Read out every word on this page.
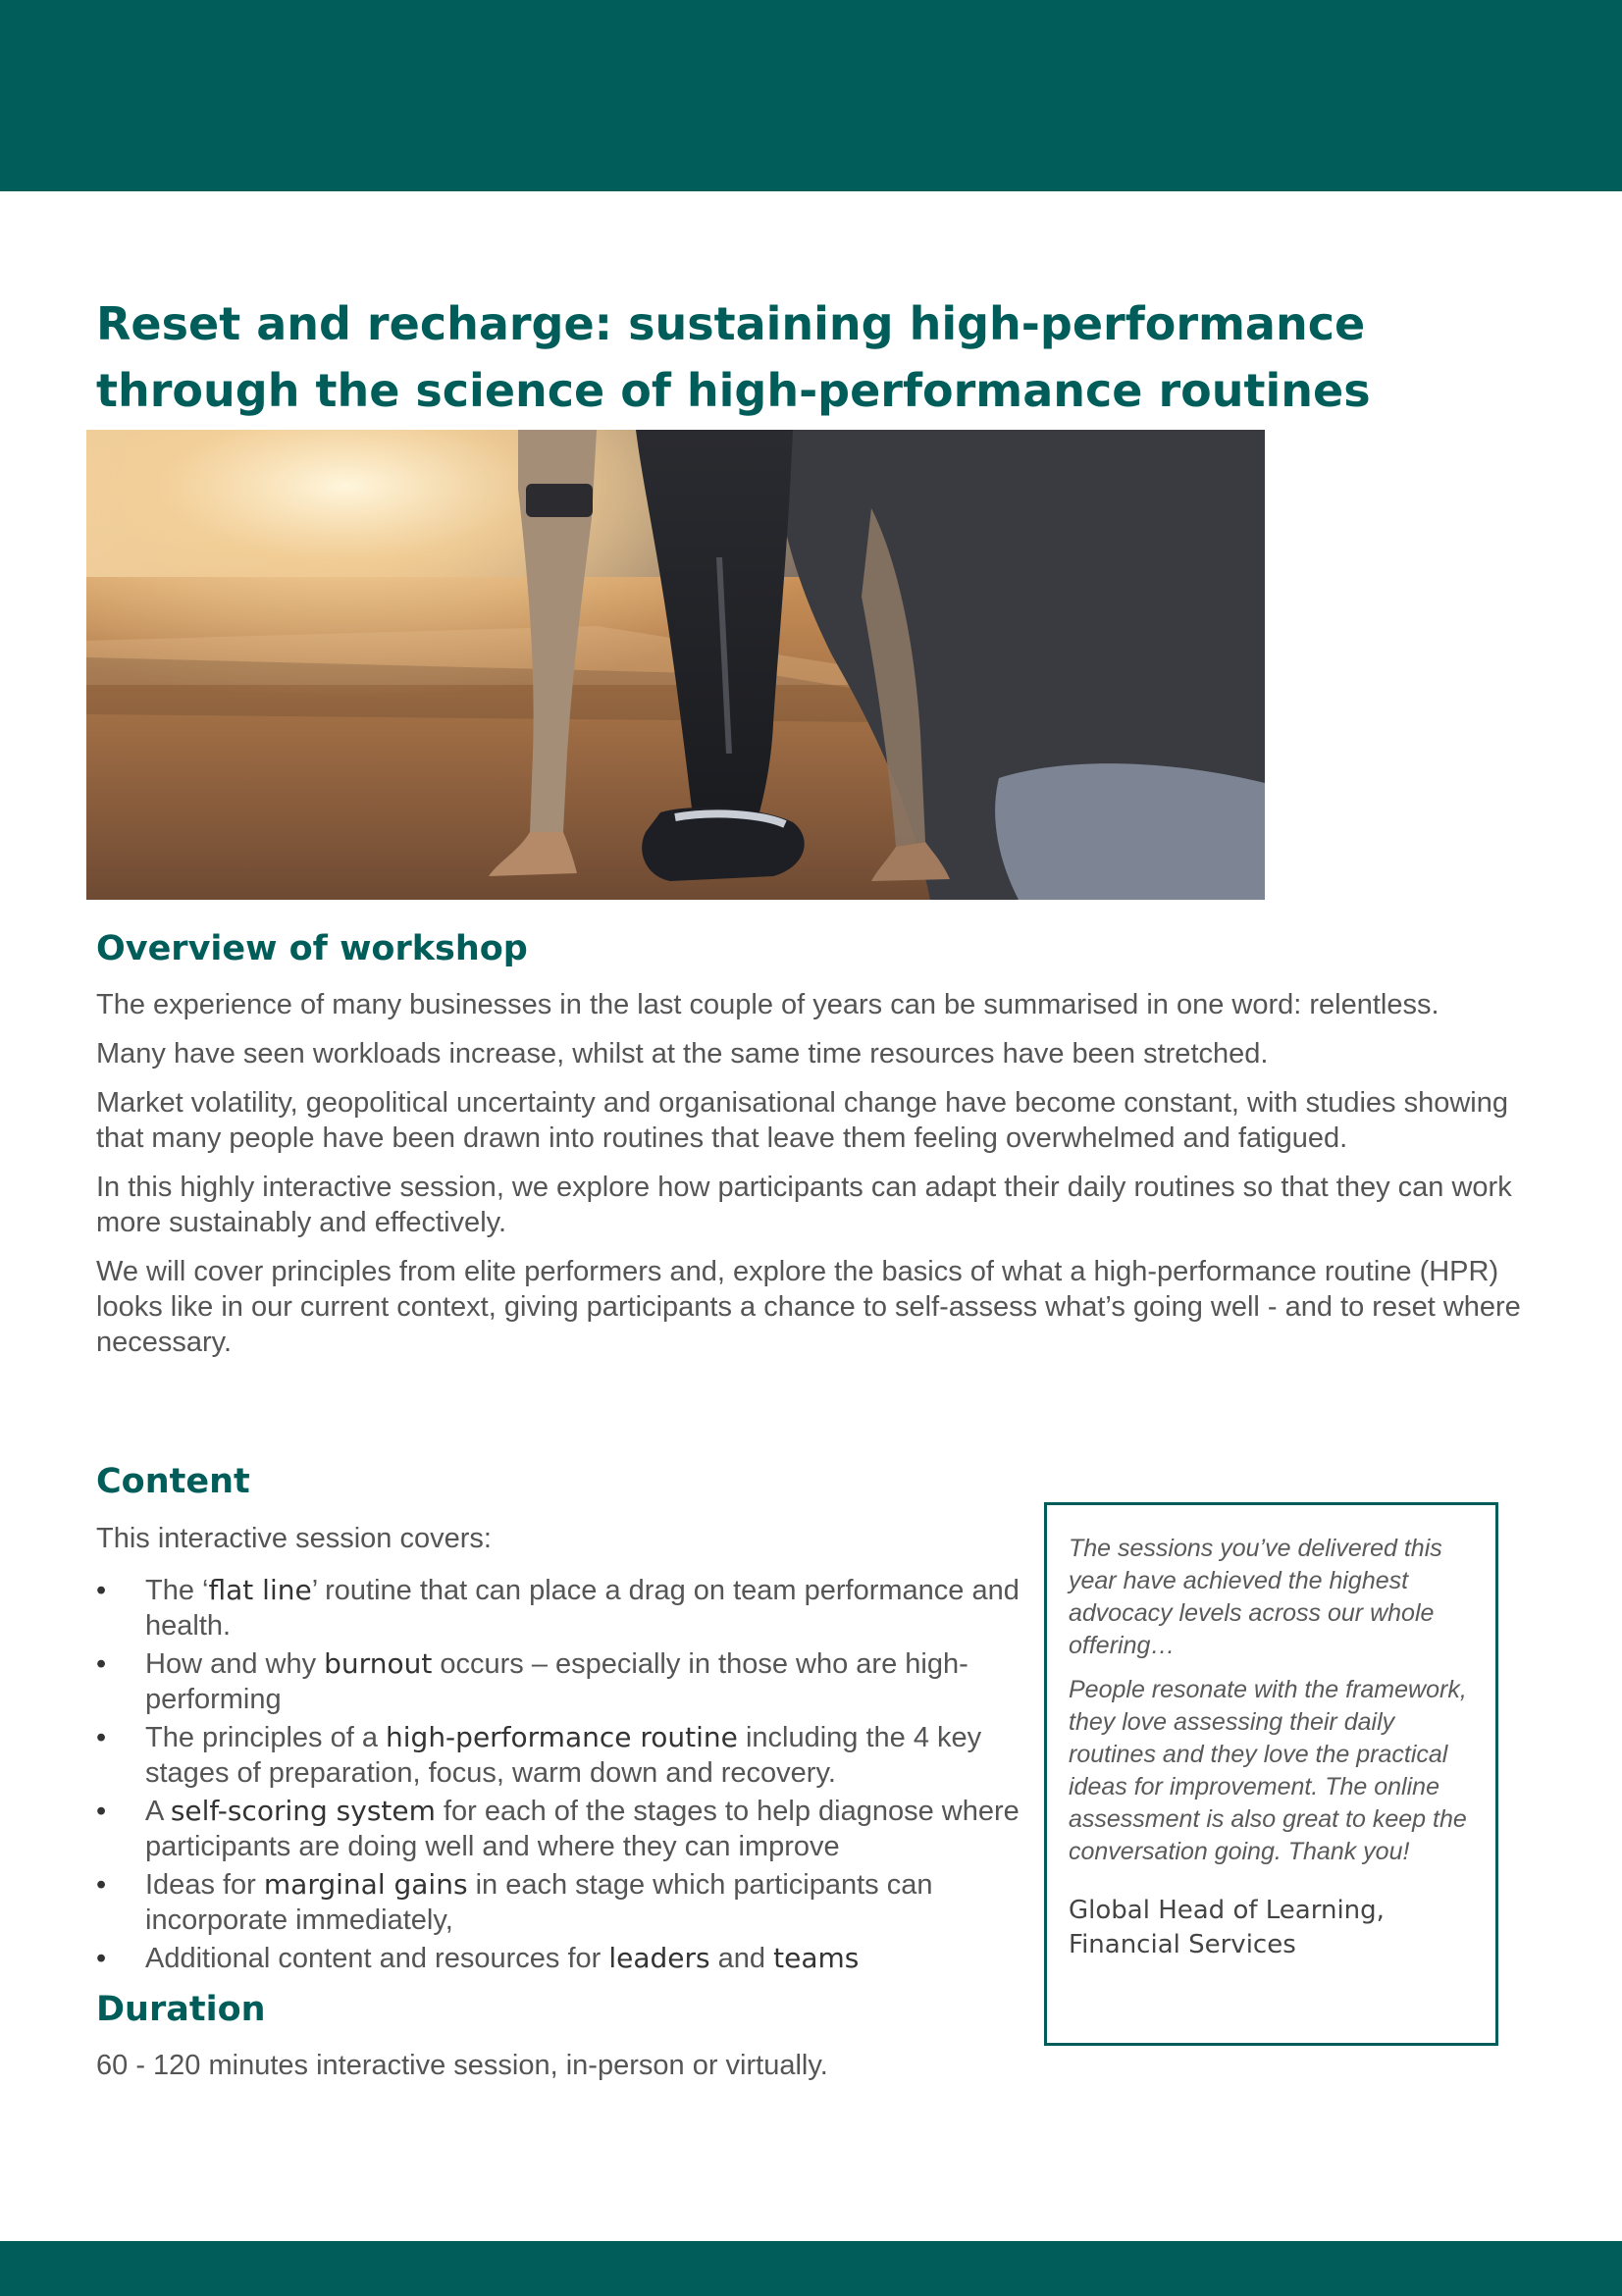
Reset and recharge: sustaining high-performance
through the science of high-performance routines
Overview of workshop

The experience of many businesses in the last couple of years can be summarised in one word: relentless.

Many have seen workloads increase, whilst at the same time resources have been stretched.

Market volatility, geopolitical uncertainty and organisational change have become constant, with studies showing that many people have been drawn into routines that leave them feeling overwhelmed and fatigued.

In this highly interactive session, we explore how participants can adapt their daily routines so that they can work more sustainably and effectively.

We will cover principles from elite performers and, explore the basics of what a high-performance routine (HPR) looks like in our current context, giving participants a chance to self-assess what’s going well - and to reset where necessary.

Content

This interactive session covers:

• The ‘flat line’ routine that can place a drag on team performance and health.
• How and why burnout occurs – especially in those who are high-performing
• The principles of a high-performance routine including the 4 key stages of preparation, focus, warm down and recovery.
• A self-scoring system for each of the stages to help diagnose where participants are doing well and where they can improve
• Ideas for marginal gains in each stage which participants can incorporate immediately,
• Additional content and resources for leaders and teams
Duration

60 - 120 minutes interactive session, in-person or virtually.

The sessions you’ve delivered this year have achieved the highest advocacy levels across our whole offering…

People resonate with the framework, they love assessing their daily routines and they love the practical ideas for improvement. The online assessment is also great to keep the conversation going. Thank you!

Global Head of Learning,
Financial Services
